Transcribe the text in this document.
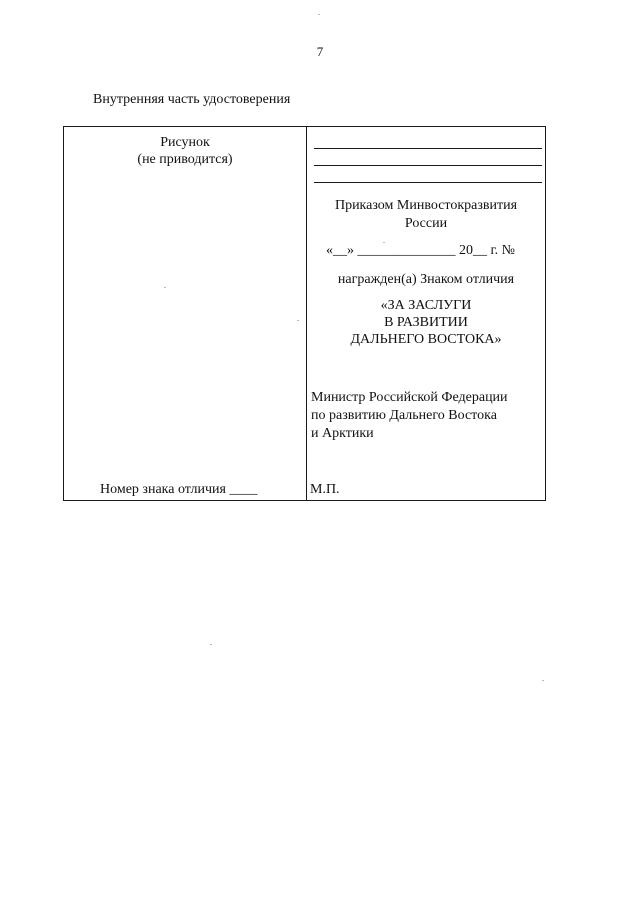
7
Внутренняя часть удостоверения
Рисунок
(не приводится)
Номер знака отличия ____
Приказом Минвостокразвития
России
«__» ______________ 20__ г. №
награжден(а) Знаком отличия
«ЗА ЗАСЛУГИ
В РАЗВИТИИ
ДАЛЬНЕГО ВОСТОКА»
Министр Российской Федерации
по развитию Дальнего Востока
и Арктики
М.П.
